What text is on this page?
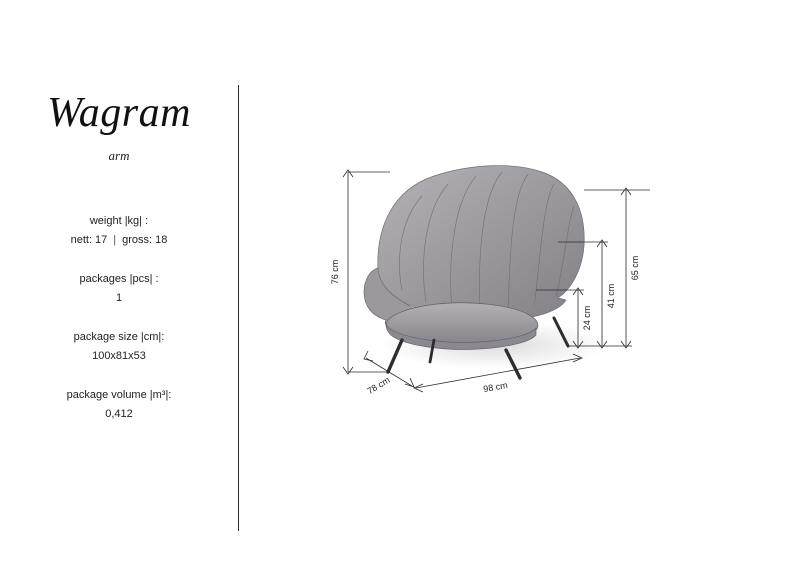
Wagram
arm
weight |kg| :
nett: 17 | gross: 18
packages |pcs| :
1
package size |cm|:
100x81x53
package volume |m³|:
0,412
76 cm	65 cm
41 cm
24 cm
78 cm	98 cm
